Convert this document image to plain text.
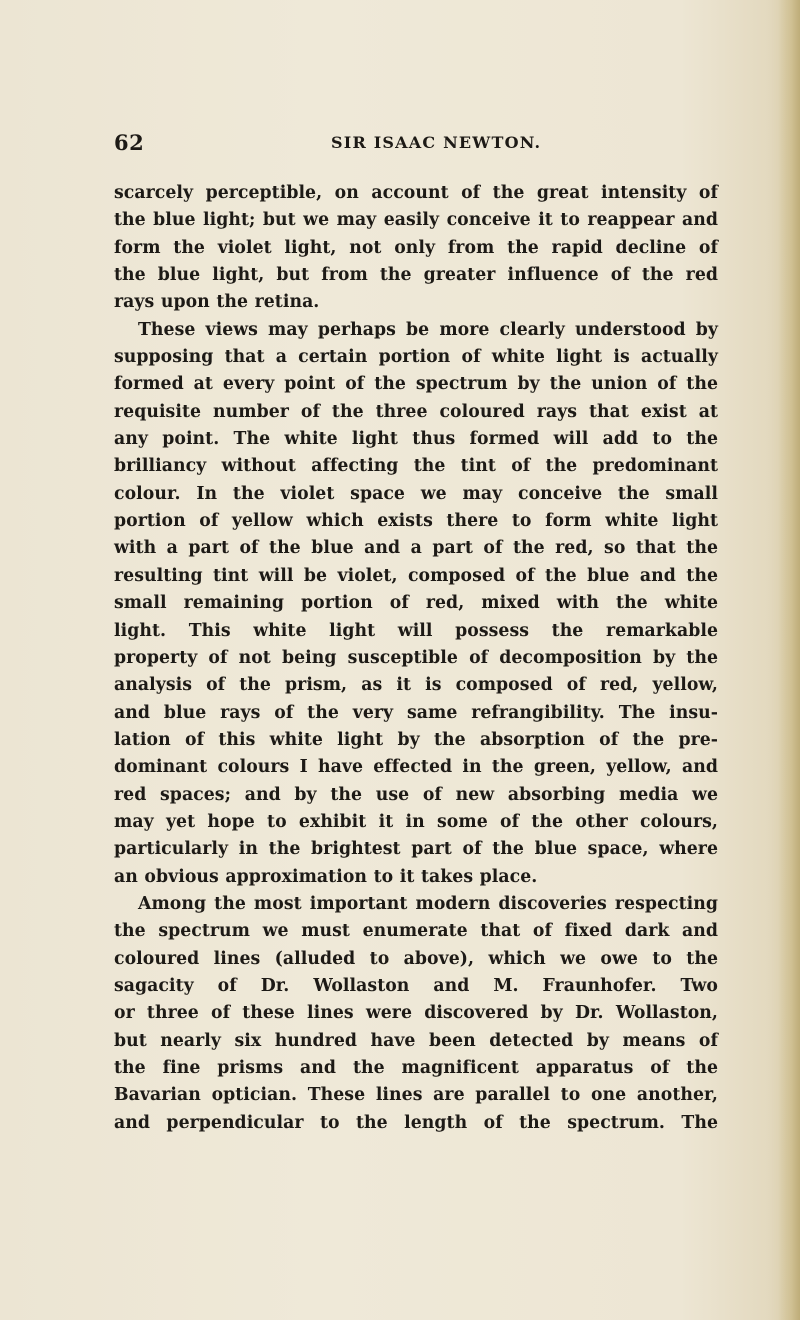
62	SIR ISAAC NEWTON.
scarcely perceptible, on account of the great intensity of
the blue light; but we may easily conceive it to reappear and
form the violet light, not only from the rapid decline of
the blue light, but from the greater influence of the red
rays upon the retina.
These views may perhaps be more clearly understood by
supposing that a certain portion of white light is actually
formed at every point of the spectrum by the union of the
requisite number of the three coloured rays that exist at
any point. The white light thus formed will add to the
brilliancy without affecting the tint of the predominant
colour. In the violet space we may conceive the small
portion of yellow which exists there to form white light
with a part of the blue and a part of the red, so that the
resulting tint will be violet, composed of the blue and the
small remaining portion of red, mixed with the white
light. This white light will possess the remarkable
property of not being susceptible of decomposition by the
analysis of the prism, as it is composed of red, yellow,
and blue rays of the very same refrangibility. The insu-
lation of this white light by the absorption of the pre-
dominant colours I have effected in the green, yellow, and
red spaces; and by the use of new absorbing media we
may yet hope to exhibit it in some of the other colours,
particularly in the brightest part of the blue space, where
an obvious approximation to it takes place.
Among the most important modern discoveries respecting
the spectrum we must enumerate that of fixed dark and
coloured lines (alluded to above), which we owe to the
sagacity of Dr. Wollaston and M. Fraunhofer. Two
or three of these lines were discovered by Dr. Wollaston,
but nearly six hundred have been detected by means of
the fine prisms and the magnificent apparatus of the
Bavarian optician. These lines are parallel to one another,
and perpendicular to the length of the spectrum. The
